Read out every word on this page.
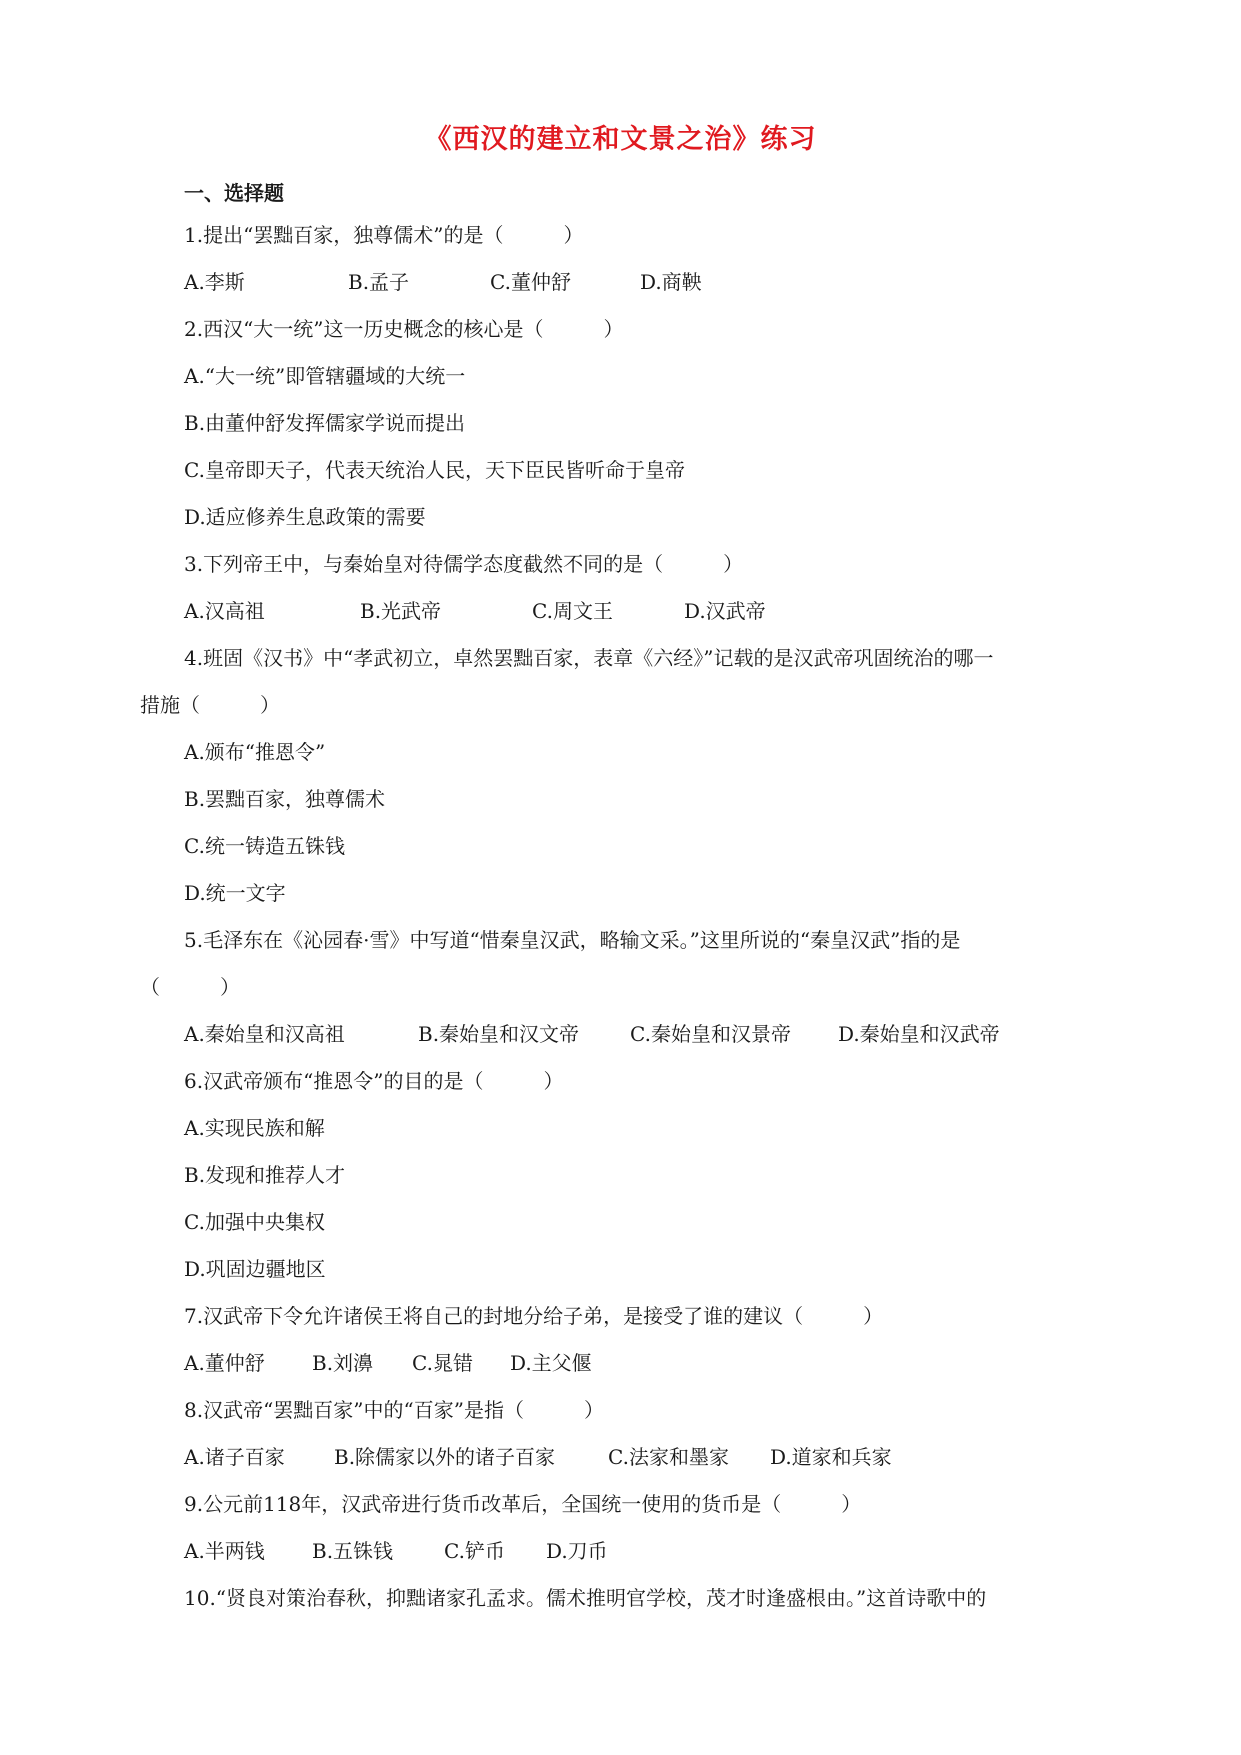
《西汉的建立和文景之治》练习
一、选择题
1.提出“罢黜百家，独尊儒术”的是（　　　）
A.李斯	B.孟子	C.董仲舒	D.商鞅
2.西汉“大一统”这一历史概念的核心是（　　　）
A.“大一统”即管辖疆域的大统一
B.由董仲舒发挥儒家学说而提出
C.皇帝即天子，代表天统治人民，天下臣民皆听命于皇帝
D.适应修养生息政策的需要
3.下列帝王中，与秦始皇对待儒学态度截然不同的是（　　　）
A.汉高祖	B.光武帝	C.周文王	D.汉武帝
4.班固《汉书》中“孝武初立，卓然罢黜百家，表章《六经》”记载的是汉武帝巩固统治的哪一
措施（　　　）
A.颁布“推恩令”
B.罢黜百家，独尊儒术
C.统一铸造五铢钱
D.统一文字
5.毛泽东在《沁园春·雪》中写道“惜秦皇汉武，略输文采。”这里所说的“秦皇汉武”指的是
（　　　）
A.秦始皇和汉高祖	B.秦始皇和汉文帝	C.秦始皇和汉景帝 D.秦始皇和汉武帝
6.汉武帝颁布“推恩令”的目的是（　　　）
A.实现民族和解
B.发现和推荐人才
C.加强中央集权
D.巩固边疆地区
7.汉武帝下令允许诸侯王将自己的封地分给子弟，是接受了谁的建议（　　　）
A.董仲舒 B.刘濞 C.晁错 D.主父偃
8.汉武帝“罢黜百家”中的“百家”是指（　　　）
A.诸子百家 B.除儒家以外的诸子百家	C.法家和墨家 D.道家和兵家
9.公元前118年，汉武帝进行货币改革后，全国统一使用的货币是（　　　）
A.半两钱 B.五铢钱	C.铲币 D.刀币
10.“贤良对策治春秋，抑黜诸家孔孟求。儒术推明官学校，茂才时逢盛根由。”这首诗歌中的
